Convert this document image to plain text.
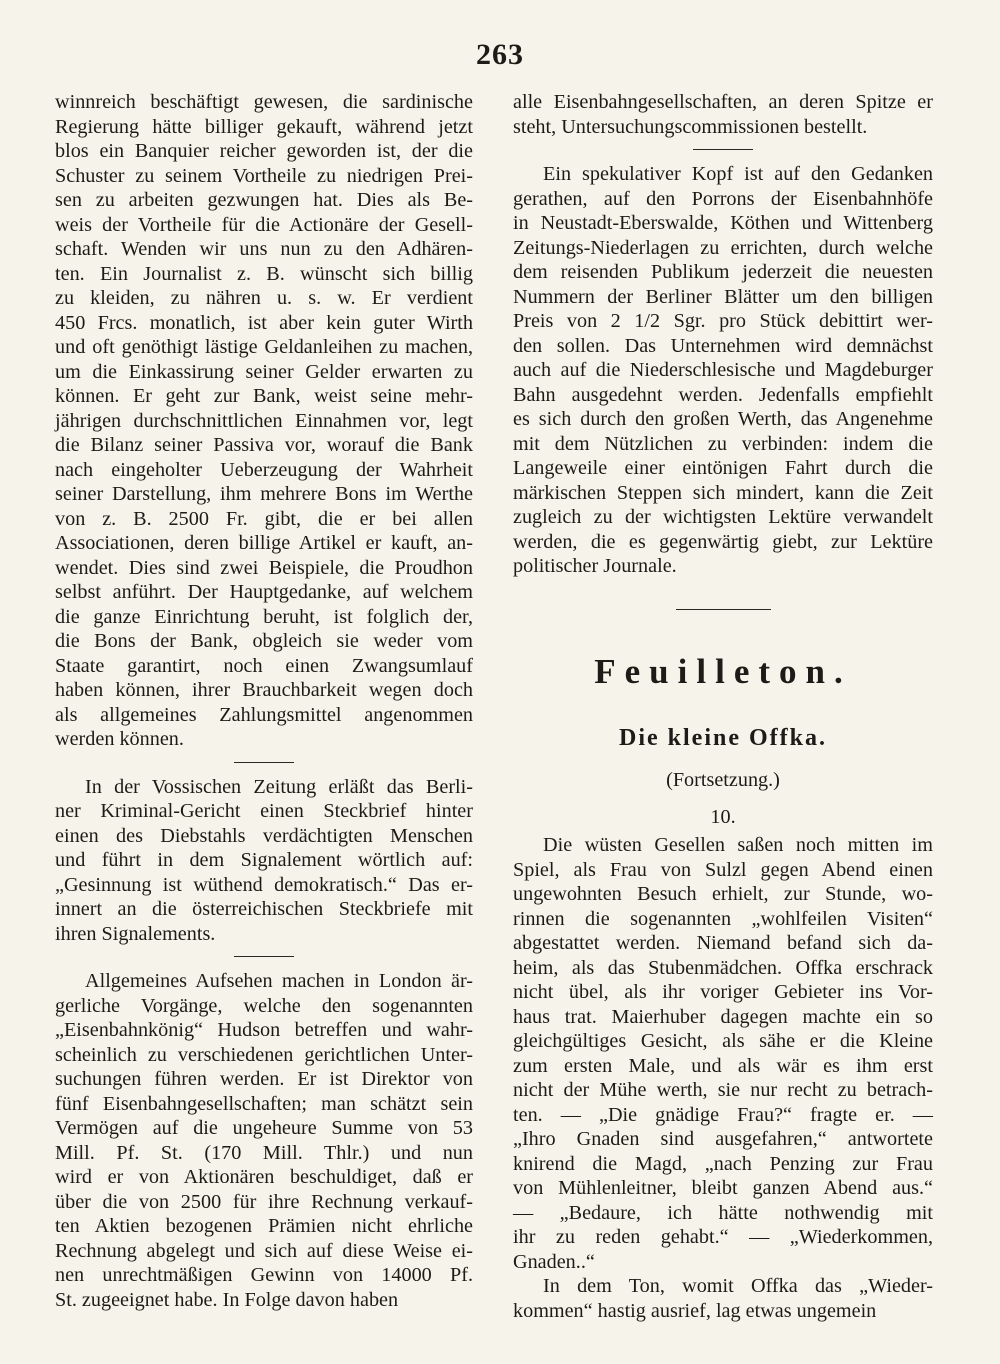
263
winnreich beschäftigt gewesen, die sardinische
Regierung hätte billiger gekauft, während jetzt
blos ein Banquier reicher geworden ist, der die
Schuster zu seinem Vortheile zu niedrigen Prei-
sen zu arbeiten gezwungen hat. Dies als Be-
weis der Vortheile für die Actionäre der Gesell-
schaft. Wenden wir uns nun zu den Adhären-
ten. Ein Journalist z. B. wünscht sich billig
zu kleiden, zu nähren u. s. w. Er verdient
450 Frcs. monatlich, ist aber kein guter Wirth
und oft genöthigt lästige Geldanleihen zu machen,
um die Einkassirung seiner Gelder erwarten zu
können. Er geht zur Bank, weist seine mehr-
jährigen durchschnittlichen Einnahmen vor, legt
die Bilanz seiner Passiva vor, worauf die Bank
nach eingeholter Ueberzeugung der Wahrheit
seiner Darstellung, ihm mehrere Bons im Werthe
von z. B. 2500 Fr. gibt, die er bei allen
Associationen, deren billige Artikel er kauft, an-
wendet. Dies sind zwei Beispiele, die Proudhon
selbst anführt. Der Hauptgedanke, auf welchem
die ganze Einrichtung beruht, ist folglich der,
die Bons der Bank, obgleich sie weder vom
Staate garantirt, noch einen Zwangsumlauf
haben können, ihrer Brauchbarkeit wegen doch
als allgemeines Zahlungsmittel angenommen
werden können.
In der Vossischen Zeitung erläßt das Berli-
ner Kriminal-Gericht einen Steckbrief hinter
einen des Diebstahls verdächtigten Menschen
und führt in dem Signalement wörtlich auf:
„Gesinnung ist wüthend demokratisch.“ Das er-
innert an die österreichischen Steckbriefe mit
ihren Signalements.
Allgemeines Aufsehen machen in London är-
gerliche Vorgänge, welche den sogenannten
„Eisenbahnkönig“ Hudson betreffen und wahr-
scheinlich zu verschiedenen gerichtlichen Unter-
suchungen führen werden. Er ist Direktor von
fünf Eisenbahngesellschaften; man schätzt sein
Vermögen auf die ungeheure Summe von 53
Mill. Pf. St. (170 Mill. Thlr.) und nun
wird er von Aktionären beschuldiget, daß er
über die von 2500 für ihre Rechnung verkauf-
ten Aktien bezogenen Prämien nicht ehrliche
Rechnung abgelegt und sich auf diese Weise ei-
nen unrechtmäßigen Gewinn von 14000 Pf.
St. zugeeignet habe. In Folge davon haben
alle Eisenbahngesellschaften, an deren Spitze er
steht, Untersuchungscommissionen bestellt.
Ein spekulativer Kopf ist auf den Gedanken
gerathen, auf den Porrons der Eisenbahnhöfe
in Neustadt-Eberswalde, Köthen und Wittenberg
Zeitungs-Niederlagen zu errichten, durch welche
dem reisenden Publikum jederzeit die neuesten
Nummern der Berliner Blätter um den billigen
Preis von 2 1/2 Sgr. pro Stück debittirt wer-
den sollen. Das Unternehmen wird demnächst
auch auf die Niederschlesische und Magdeburger
Bahn ausgedehnt werden. Jedenfalls empfiehlt
es sich durch den großen Werth, das Angenehme
mit dem Nützlichen zu verbinden: indem die
Langeweile einer eintönigen Fahrt durch die
märkischen Steppen sich mindert, kann die Zeit
zugleich zu der wichtigsten Lektüre verwandelt
werden, die es gegenwärtig giebt, zur Lektüre
politischer Journale.
Feuilleton.
Die kleine Offka.
(Fortsetzung.)
10.
Die wüsten Gesellen saßen noch mitten im
Spiel, als Frau von Sulzl gegen Abend einen
ungewohnten Besuch erhielt, zur Stunde, wo-
rinnen die sogenannten „wohlfeilen Visiten“
abgestattet werden. Niemand befand sich da-
heim, als das Stubenmädchen. Offka erschrack
nicht übel, als ihr voriger Gebieter ins Vor-
haus trat. Maierhuber dagegen machte ein so
gleichgültiges Gesicht, als sähe er die Kleine
zum ersten Male, und als wär es ihm erst
nicht der Mühe werth, sie nur recht zu betrach-
ten. — „Die gnädige Frau?“ fragte er. —
„Ihro Gnaden sind ausgefahren,“ antwortete
knirend die Magd, „nach Penzing zur Frau
von Mühlenleitner, bleibt ganzen Abend aus.“
— „Bedaure, ich hätte nothwendig mit
ihr zu reden gehabt.“ — „Wiederkommen,
Gnaden..“
In dem Ton, womit Offka das „Wieder-
kommen“ hastig ausrief, lag etwas ungemein
